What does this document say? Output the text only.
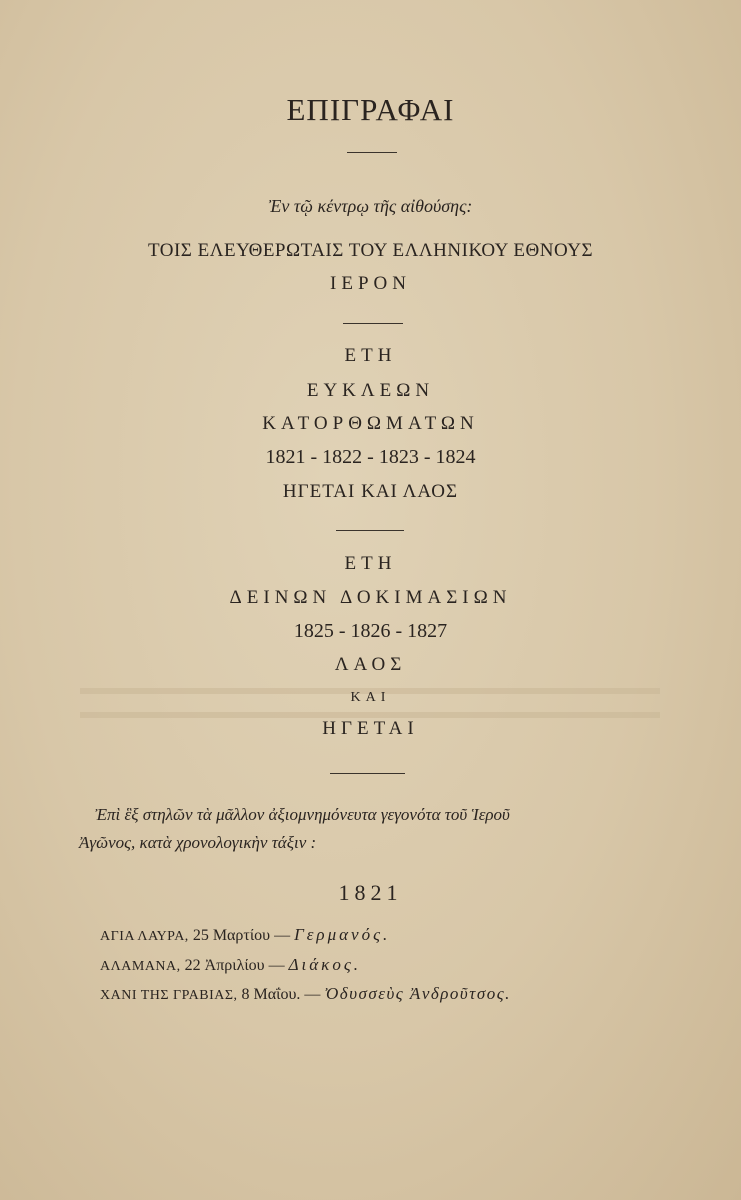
ΕΠΙΓΡΑΦΑΙ
Ἐν τῷ κέντρῳ τῆς αἰθούσης:
ΤΟΙΣ ΕΛΕΥΘΕΡΩΤΑΙΣ ΤΟΥ ΕΛΛΗΝΙΚΟΥ ΕΘΝΟΥΣ
ΙΕΡΟΝ
ΕΤΗ
ΕΥΚΛΕΩΝ
ΚΑΤΟΡΘΩΜΑΤΩΝ
1821 - 1822 - 1823 - 1824
ΗΓΕΤΑΙ ΚΑΙ ΛΑΟΣ
ΕΤΗ
ΔΕΙΝΩΝ ΔΟΚΙΜΑΣΙΩΝ
1825 - 1826 - 1827
ΛΑΟΣ
ΚΑΙ
ΗΓΕΤΑΙ
Ἐπὶ ἓξ στηλῶν τὰ μᾶλλον ἀξιομνημόνευτα γεγονότα τοῦ Ἱεροῦ
Ἀγῶνος, κατὰ χρονολογικὴν τάξιν :
1821
ΑΓΙΑ ΛΑΥΡΑ, 25 Μαρτίου — Γερμανός.
ΑΛΑΜΑΝΑ, 22 Ἀπριλίου — Διάκος.
ΧΑΝΙ ΤΗΣ ΓΡΑΒΙΑΣ, 8 Μαΐου. — Ὀδυσσεὺς Ἀνδροῦτσος.
